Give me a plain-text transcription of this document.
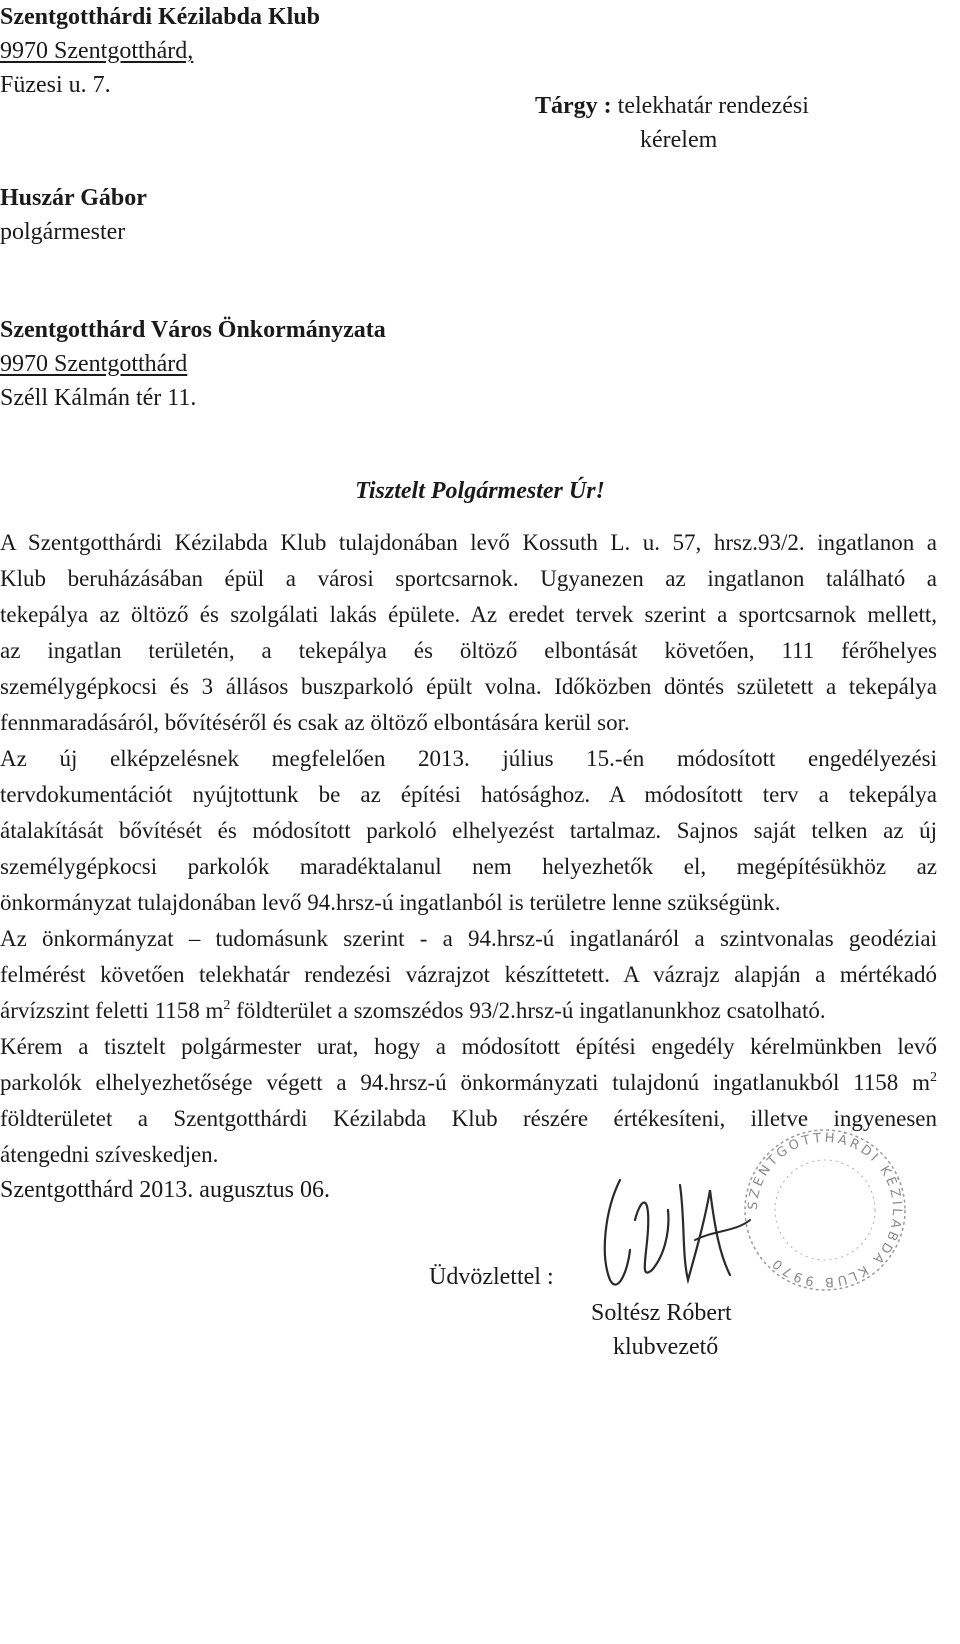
Szentgotthárdi Kézilabda Klub
9970 Szentgotthárd,
Füzesi u. 7.
Tárgy : telekhatár rendezési
kérelem
Huszár Gábor
polgármester
Szentgotthárd Város Önkormányzata
9970 Szentgotthárd
Széll Kálmán tér 11.
Tisztelt Polgármester Úr!
A Szentgotthárdi Kézilabda Klub tulajdonában levő Kossuth L. u. 57, hrsz.93/2. ingatlanon a
Klub beruházásában épül a városi sportcsarnok. Ugyanezen az ingatlanon található a
tekepálya az öltöző és szolgálati lakás épülete. Az eredet tervek szerint a sportcsarnok mellett,
az ingatlan területén, a tekepálya és öltöző elbontását követően, 111 férőhelyes
személygépkocsi és 3 állásos buszparkoló épült volna. Időközben döntés született a tekepálya
fennmaradásáról, bővítéséről és csak az öltöző elbontására kerül sor.
Az új elképzelésnek megfelelően 2013. július 15.-én módosított engedélyezési
tervdokumentációt nyújtottunk be az építési hatósághoz. A módosított terv a tekepálya
átalakítását bővítését és módosított parkoló elhelyezést tartalmaz. Sajnos saját telken az új
személygépkocsi parkolók maradéktalanul nem helyezhetők el, megépítésükhöz az
önkormányzat tulajdonában levő 94.hrsz-ú ingatlanból is területre lenne szükségünk.
Az önkormányzat – tudomásunk szerint - a 94.hrsz-ú ingatlanáról a szintvonalas geodéziai
felmérést követően telekhatár rendezési vázrajzot készíttetett. A vázrajz alapján a mértékadó
árvízszint feletti 1158 $m^2$ földterület a szomszédos 93/2.hrsz-ú ingatlanunkhoz csatolható.
Kérem a tisztelt polgármester urat, hogy a módosított építési engedély kérelmünkben levő
parkolók elhelyezhetősége végett a 94.hrsz-ú önkormányzati tulajdonú ingatlanukból 1158 $m^2$
földterületet a Szentgotthárdi Kézilabda Klub részére értékesíteni, illetve ingyenesen
átengedni szíveskedjen.
Szentgotthárd 2013. augusztus 06.
SZENTGOTTHÁRDI KÉZILABDA KLUB 9970
Üdvözlettel :
Soltész Róbert
klubvezető
